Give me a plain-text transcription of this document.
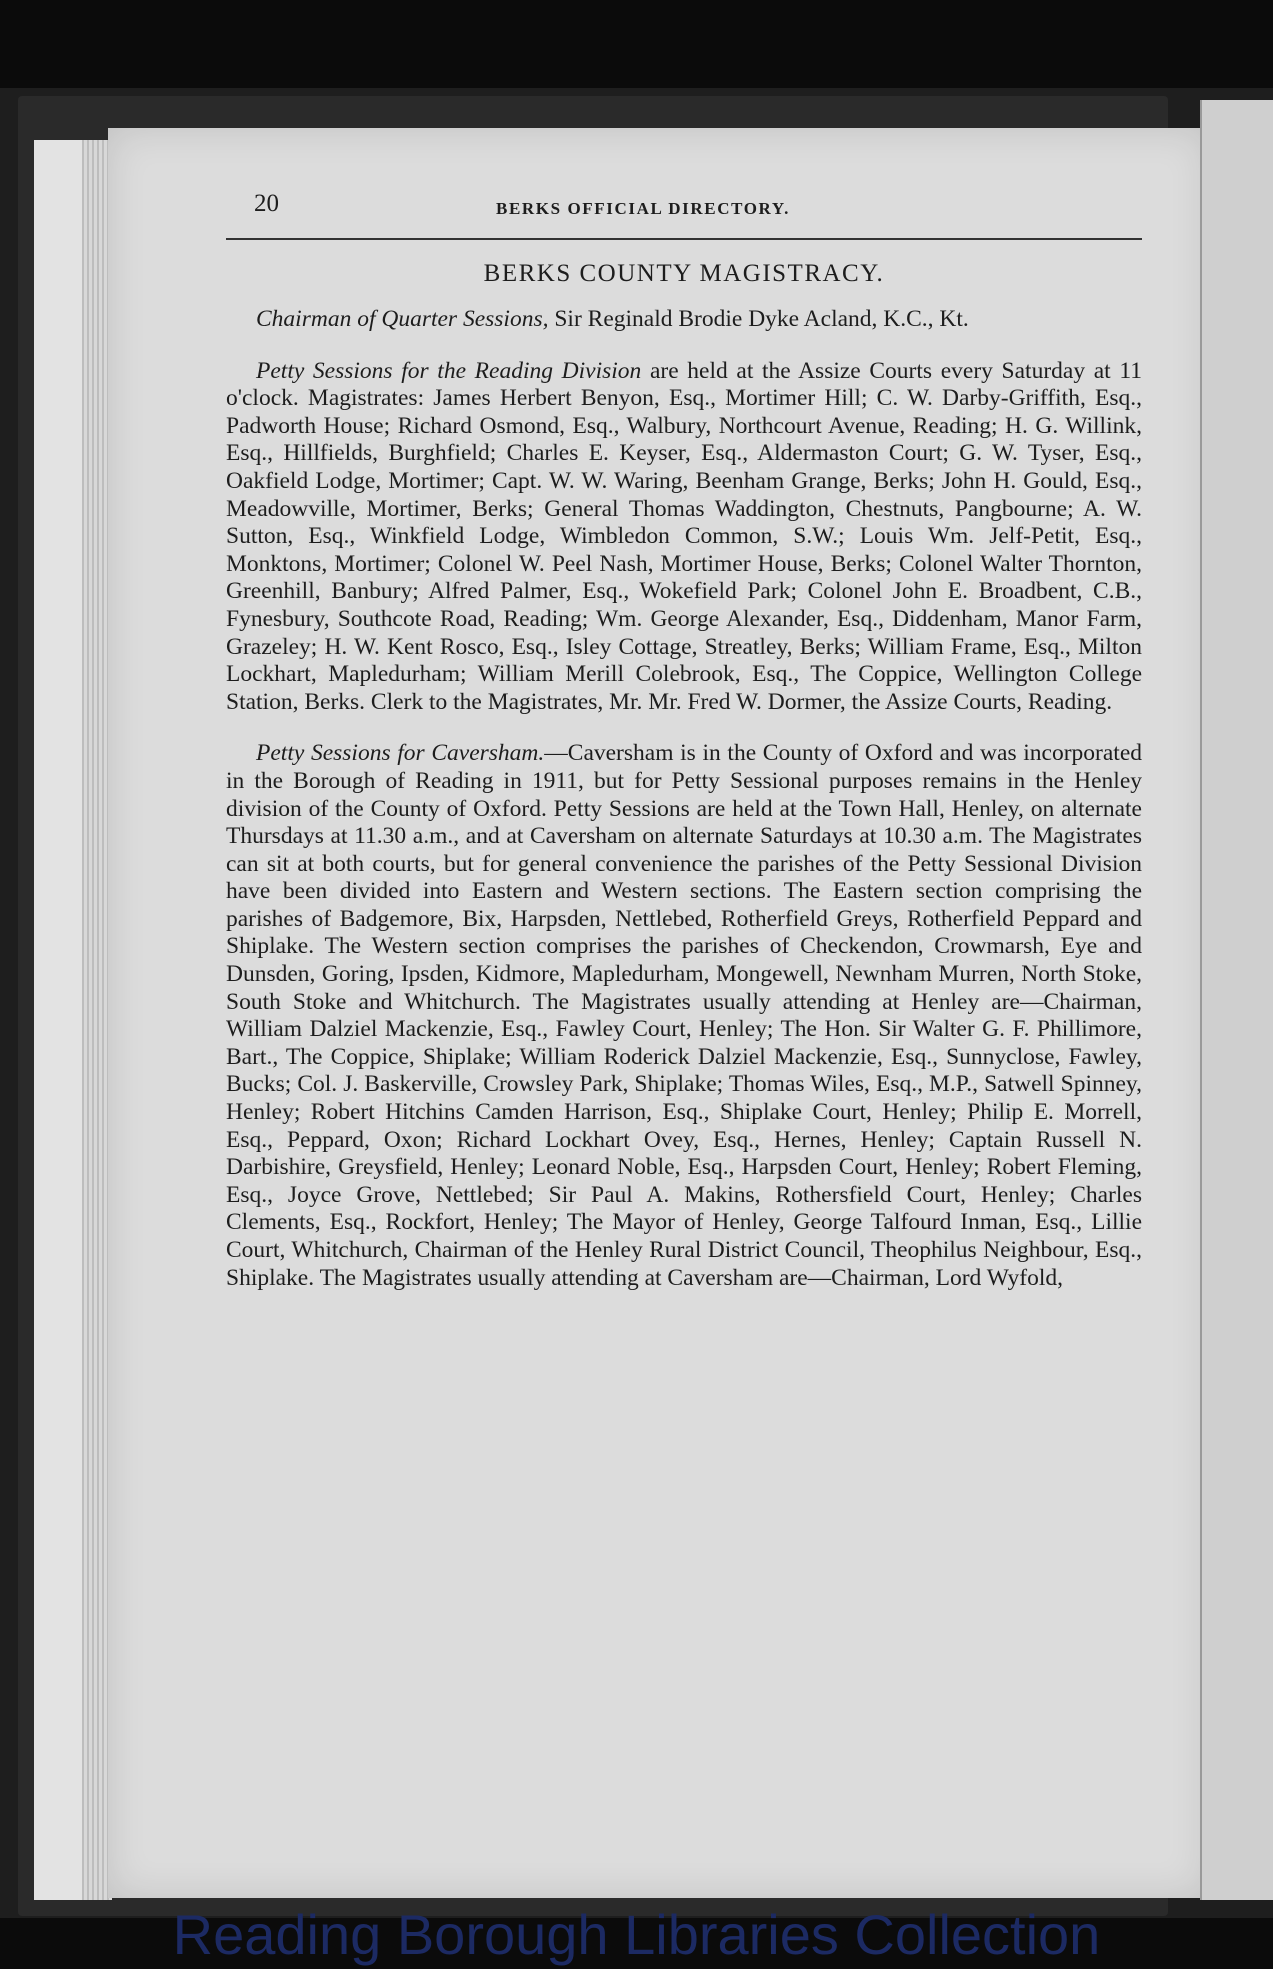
20	BERKS OFFICIAL DIRECTORY.
BERKS COUNTY MAGISTRACY.

Chairman of Quarter Sessions, Sir Reginald Brodie Dyke Acland, K.C., Kt.

Petty Sessions for the Reading Division are held at the Assize Courts every Saturday at 11 o'clock. Magistrates: James Herbert Benyon, Esq., Mortimer Hill; C. W. Darby-Griffith, Esq., Padworth House; Richard Osmond, Esq., Walbury, Northcourt Avenue, Reading; H. G. Willink, Esq., Hillfields, Burghfield; Charles E. Keyser, Esq., Aldermaston Court; G. W. Tyser, Esq., Oakfield Lodge, Mortimer; Capt. W. W. Waring, Beenham Grange, Berks; John H. Gould, Esq., Meadowville, Mortimer, Berks; General Thomas Waddington, Chestnuts, Pangbourne; A. W. Sutton, Esq., Winkfield Lodge, Wimbledon Common, S.W.; Louis Wm. Jelf-Petit, Esq., Monktons, Mortimer; Colonel W. Peel Nash, Mortimer House, Berks; Colonel Walter Thornton, Greenhill, Banbury; Alfred Palmer, Esq., Wokefield Park; Colonel John E. Broadbent, C.B., Fynesbury, Southcote Road, Reading; Wm. George Alexander, Esq., Diddenham, Manor Farm, Grazeley; H. W. Kent Rosco, Esq., Isley Cottage, Streatley, Berks; William Frame, Esq., Milton Lockhart, Mapledurham; William Merill Colebrook, Esq., The Coppice, Wellington College Station, Berks. Clerk to the Magistrates, Mr. Mr. Fred W. Dormer, the Assize Courts, Reading.

Petty Sessions for Caversham.—Caversham is in the County of Oxford and was incorporated in the Borough of Reading in 1911, but for Petty Sessional purposes remains in the Henley division of the County of Oxford. Petty Sessions are held at the Town Hall, Henley, on alternate Thursdays at 11.30 a.m., and at Caversham on alternate Saturdays at 10.30 a.m. The Magistrates can sit at both courts, but for general convenience the parishes of the Petty Sessional Division have been divided into Eastern and Western sections. The Eastern section comprising the parishes of Badgemore, Bix, Harpsden, Nettlebed, Rotherfield Greys, Rotherfield Peppard and Shiplake. The Western section comprises the parishes of Checkendon, Crowmarsh, Eye and Dunsden, Goring, Ipsden, Kidmore, Mapledurham, Mongewell, Newnham Murren, North Stoke, South Stoke and Whitchurch. The Magistrates usually attending at Henley are—Chairman, William Dalziel Mackenzie, Esq., Fawley Court, Henley; The Hon. Sir Walter G. F. Phillimore, Bart., The Coppice, Shiplake; William Roderick Dalziel Mackenzie, Esq., Sunnyclose, Fawley, Bucks; Col. J. Baskerville, Crowsley Park, Shiplake; Thomas Wiles, Esq., M.P., Satwell Spinney, Henley; Robert Hitchins Camden Harrison, Esq., Shiplake Court, Henley; Philip E. Morrell, Esq., Peppard, Oxon; Richard Lockhart Ovey, Esq., Hernes, Henley; Captain Russell N. Darbishire, Greysfield, Henley; Leonard Noble, Esq., Harpsden Court, Henley; Robert Fleming, Esq., Joyce Grove, Nettlebed; Sir Paul A. Makins, Rothersfield Court, Henley; Charles Clements, Esq., Rockfort, Henley; The Mayor of Henley, George Talfourd Inman, Esq., Lillie Court, Whitchurch, Chairman of the Henley Rural District Council, Theophilus Neighbour, Esq., Shiplake. The Magistrates usually attending at Caversham are—Chairman, Lord Wyfold,

Reading Borough Libraries Collection
